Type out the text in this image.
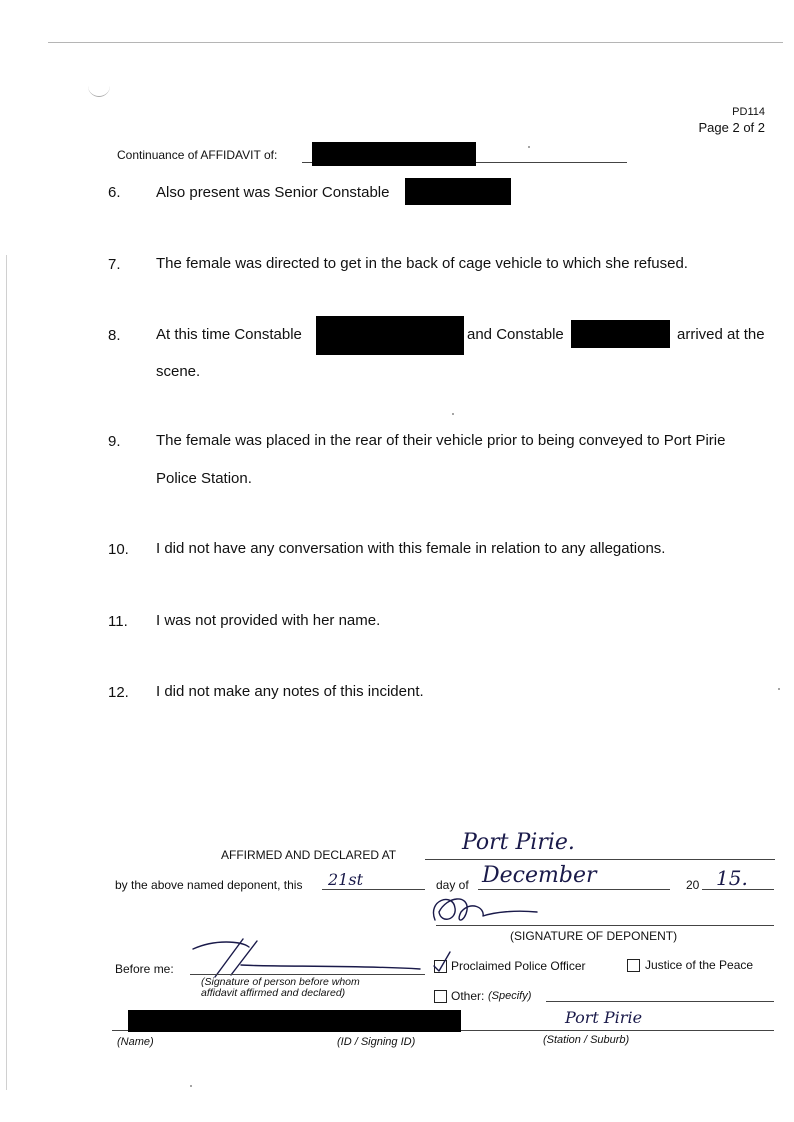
PD114
Page 2 of 2
Continuance of AFFIDAVIT of:
6. Also present was Senior Constable
7. The female was directed to get in the back of cage vehicle to which she refused.
8. At this time Constable	and Constable	arrived at the
scene.
9. The female was placed in the rear of their vehicle prior to being conveyed to Port Pirie
Police Station.
10. I did not have any conversation with this female in relation to any allegations.
11. I was not provided with her name.
12. I did not make any notes of this incident.
AFFIRMED AND DECLARED AT	Port Pirie.
by the above named deponent, this 21st	day of December	20 15.
(SIGNATURE OF DEPONENT)
Before me:
(Signature of person before whom
affidavit affirmed and declared)
Proclaimed Police Officer	Justice of the Peace
Other: (Specify)
Port Pirie
(Name)	(ID / Signing ID)	(Station / Suburb)
